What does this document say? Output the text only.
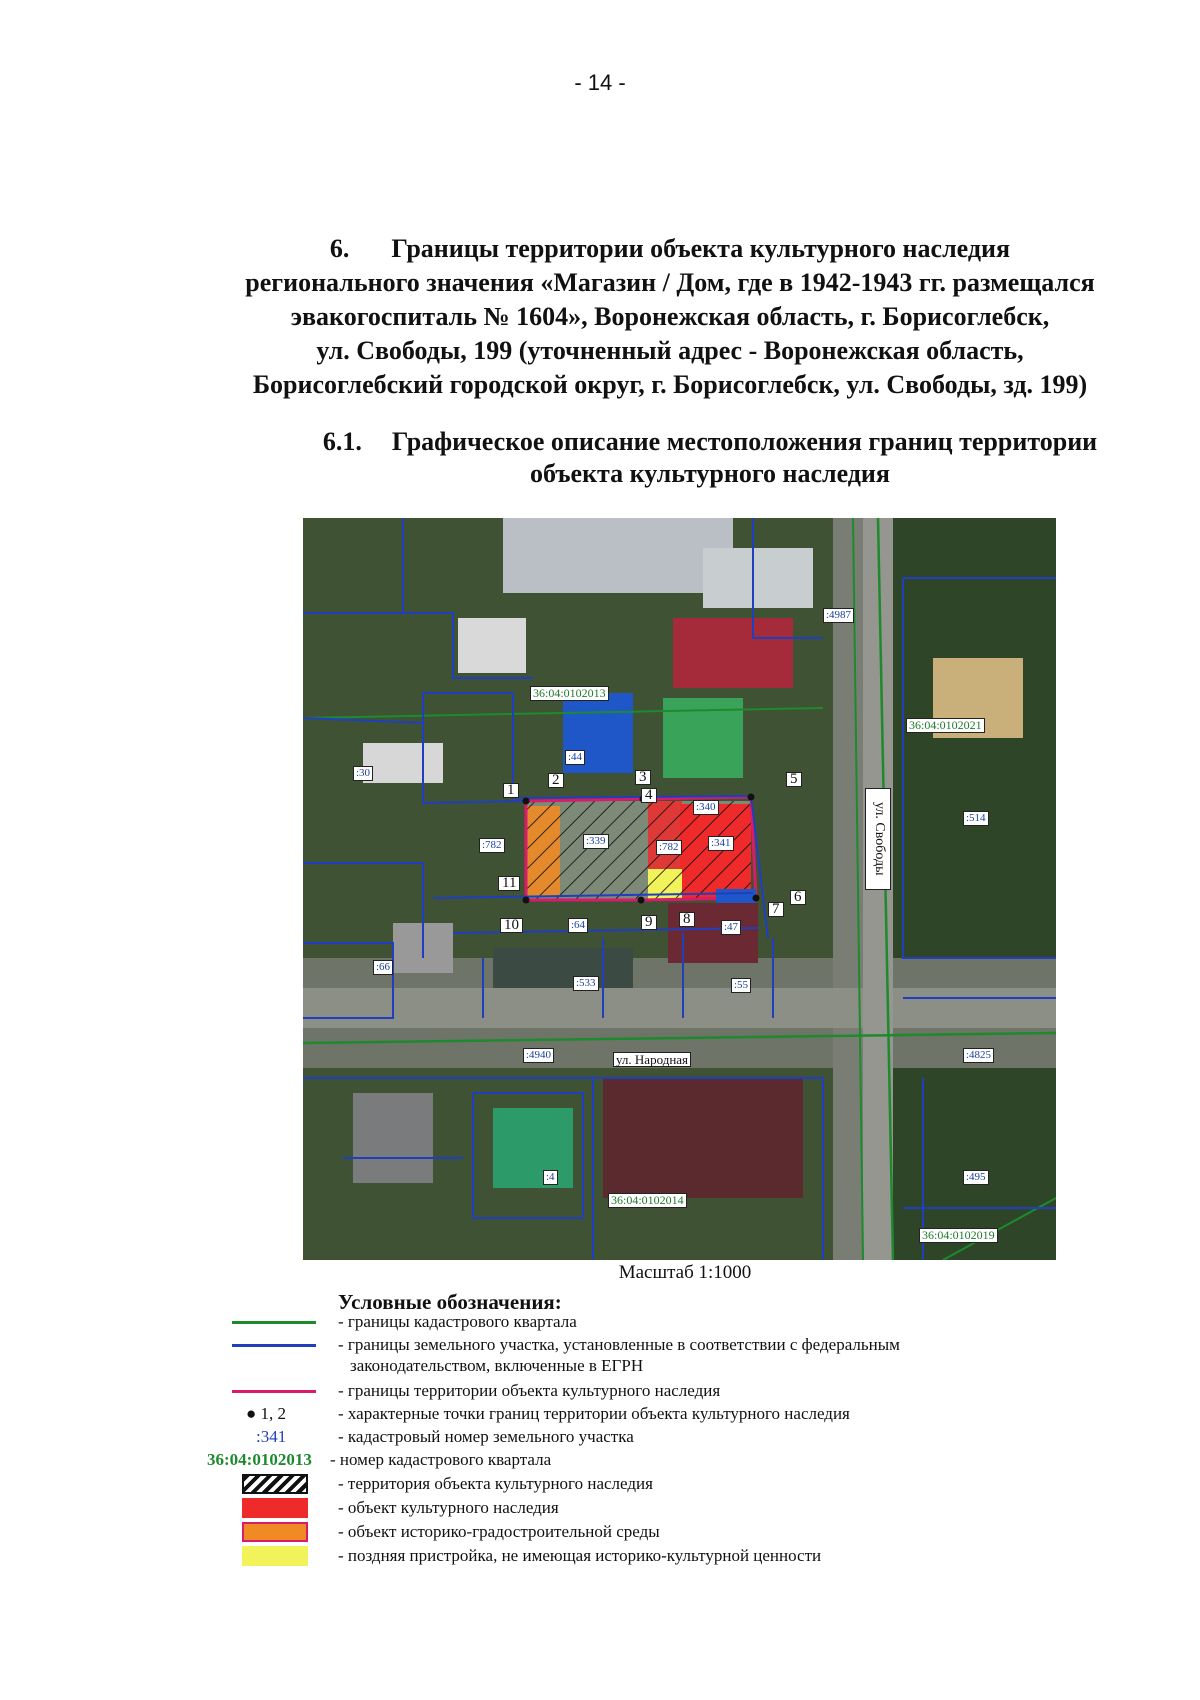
- 14 -
6. Границы территории объекта культурного наследия
регионального значения «Магазин / Дом, где в 1942-1943 гг. размещался
эвакогоспиталь № 1604», Воронежская область, г. Борисоглебск,
ул. Свободы, 199 (уточненный адрес - Воронежская область,
Борисоглебский городской округ, г. Борисоглебск, ул. Свободы, зд. 199)
6.1. Графическое описание местоположения границ территории
объекта культурного наследия
36:04:0102013
36:04:0102021
36:04:0102014
36:04:0102019
:4987
:44
:30
:340
:782	:339	:782	:341
:514
:64	:47
:66
:533	:55
:4940	:4825
:4	:495
1
2	3
4
5
6
7
8
9
10
11
ул. Народная
ул. Свободы
Масштаб 1:1000
Условные обозначения:
- границы кадастрового квартала
- границы земельного участка, установленные в соответствии с федеральным
законодательством, включенные в ЕГРН
- границы территории объекта культурного наследия
● 1, 2	- характерные точки границ территории объекта культурного наследия
:341	- кадастровый номер земельного участка
36:04:0102013 - номер кадастрового квартала
- территория объекта культурного наследия
- объект культурного наследия
- объект историко-градостроительной среды
- поздняя пристройка, не имеющая историко-культурной ценности
